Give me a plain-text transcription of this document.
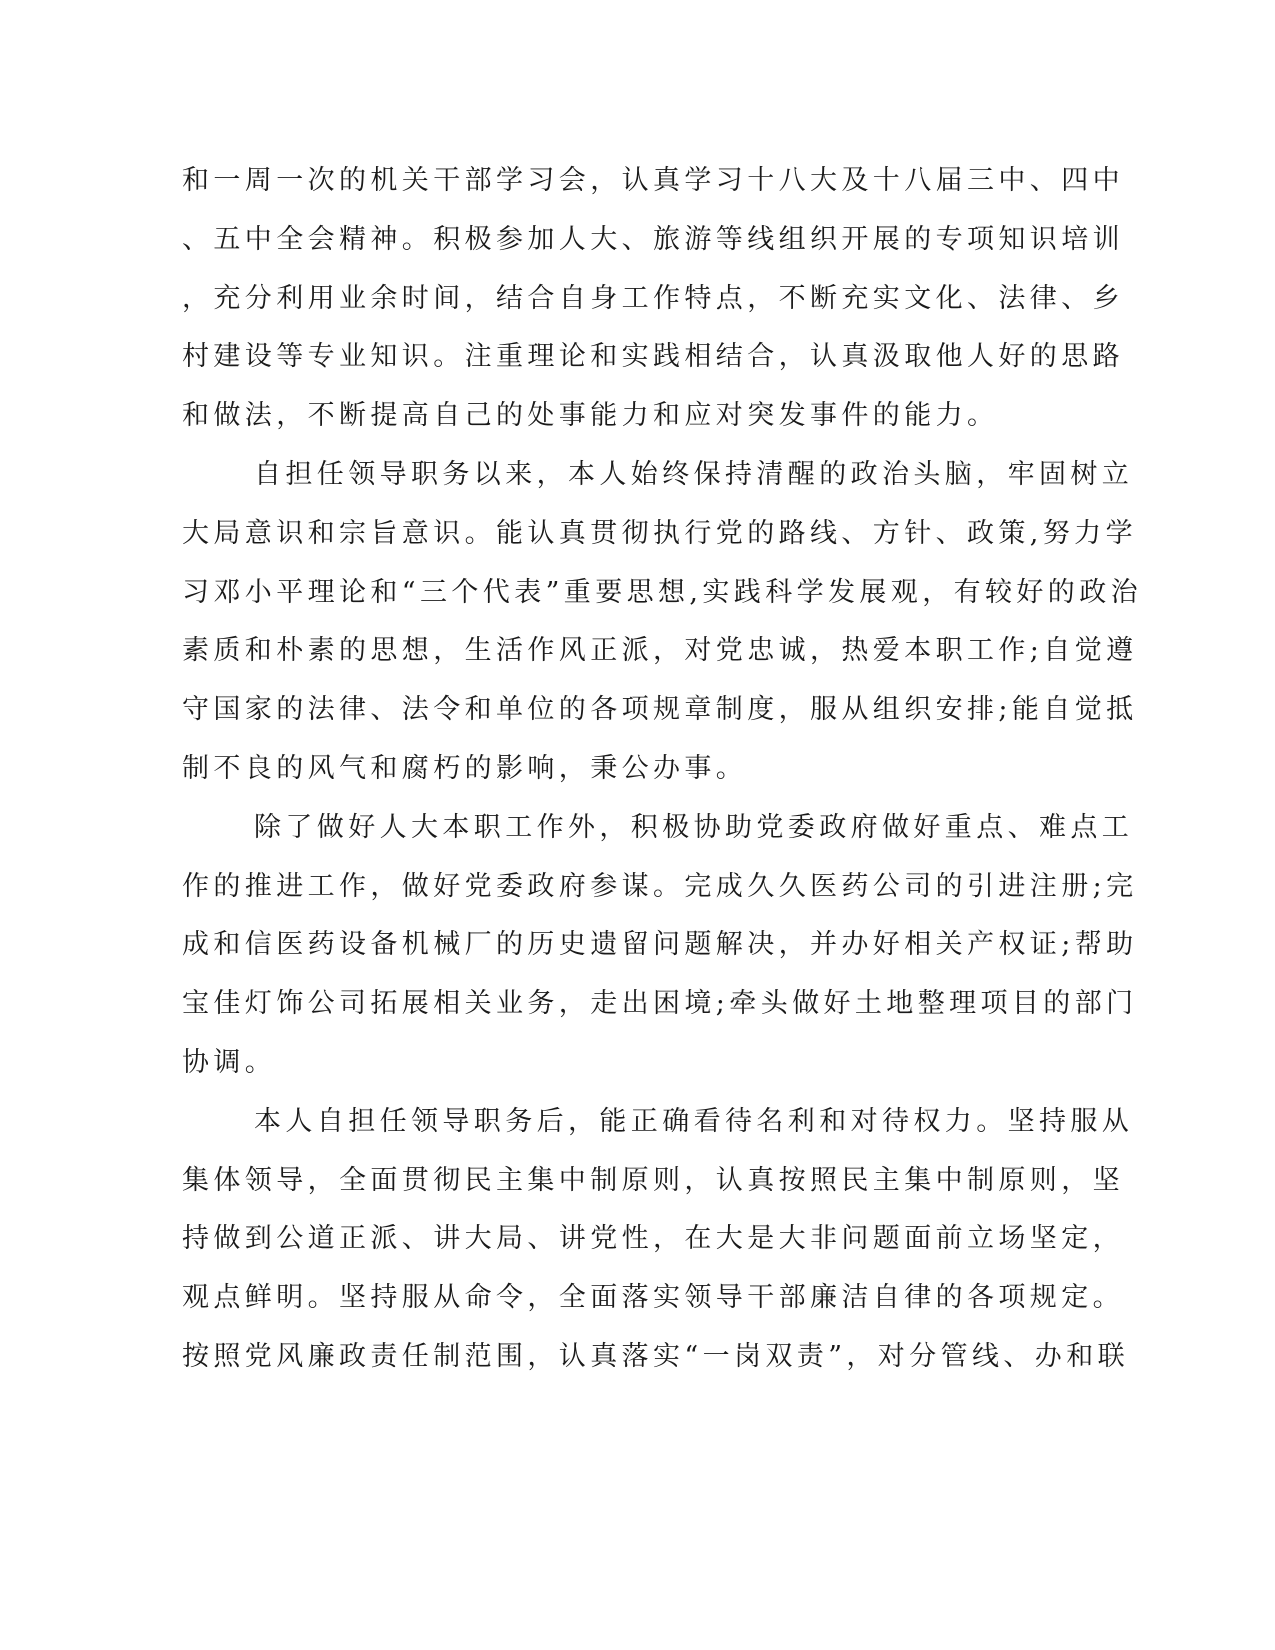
和一周一次的机关干部学习会，认真学习十八大及十八届三中、四中
、五中全会精神。积极参加人大、旅游等线组织开展的专项知识培训
，充分利用业余时间，结合自身工作特点，不断充实文化、法律、乡
村建设等专业知识。注重理论和实践相结合，认真汲取他人好的思路
和做法，不断提高自己的处事能力和应对突发事件的能力。
自担任领导职务以来，本人始终保持清醒的政治头脑，牢固树立
大局意识和宗旨意识。能认真贯彻执行党的路线、方针、政策,努力学
习邓小平理论和“三个代表”重要思想,实践科学发展观，有较好的政治
素质和朴素的思想，生活作风正派，对党忠诚，热爱本职工作;自觉遵
守国家的法律、法令和单位的各项规章制度，服从组织安排;能自觉抵
制不良的风气和腐朽的影响，秉公办事。
除了做好人大本职工作外，积极协助党委政府做好重点、难点工
作的推进工作，做好党委政府参谋。完成久久医药公司的引进注册;完
成和信医药设备机械厂的历史遗留问题解决，并办好相关产权证;帮助
宝佳灯饰公司拓展相关业务，走出困境;牵头做好土地整理项目的部门
协调。
本人自担任领导职务后，能正确看待名利和对待权力。坚持服从
集体领导，全面贯彻民主集中制原则，认真按照民主集中制原则，坚
持做到公道正派、讲大局、讲党性，在大是大非问题面前立场坚定，
观点鲜明。坚持服从命令，全面落实领导干部廉洁自律的各项规定。
按照党风廉政责任制范围，认真落实“一岗双责”，对分管线、办和联
